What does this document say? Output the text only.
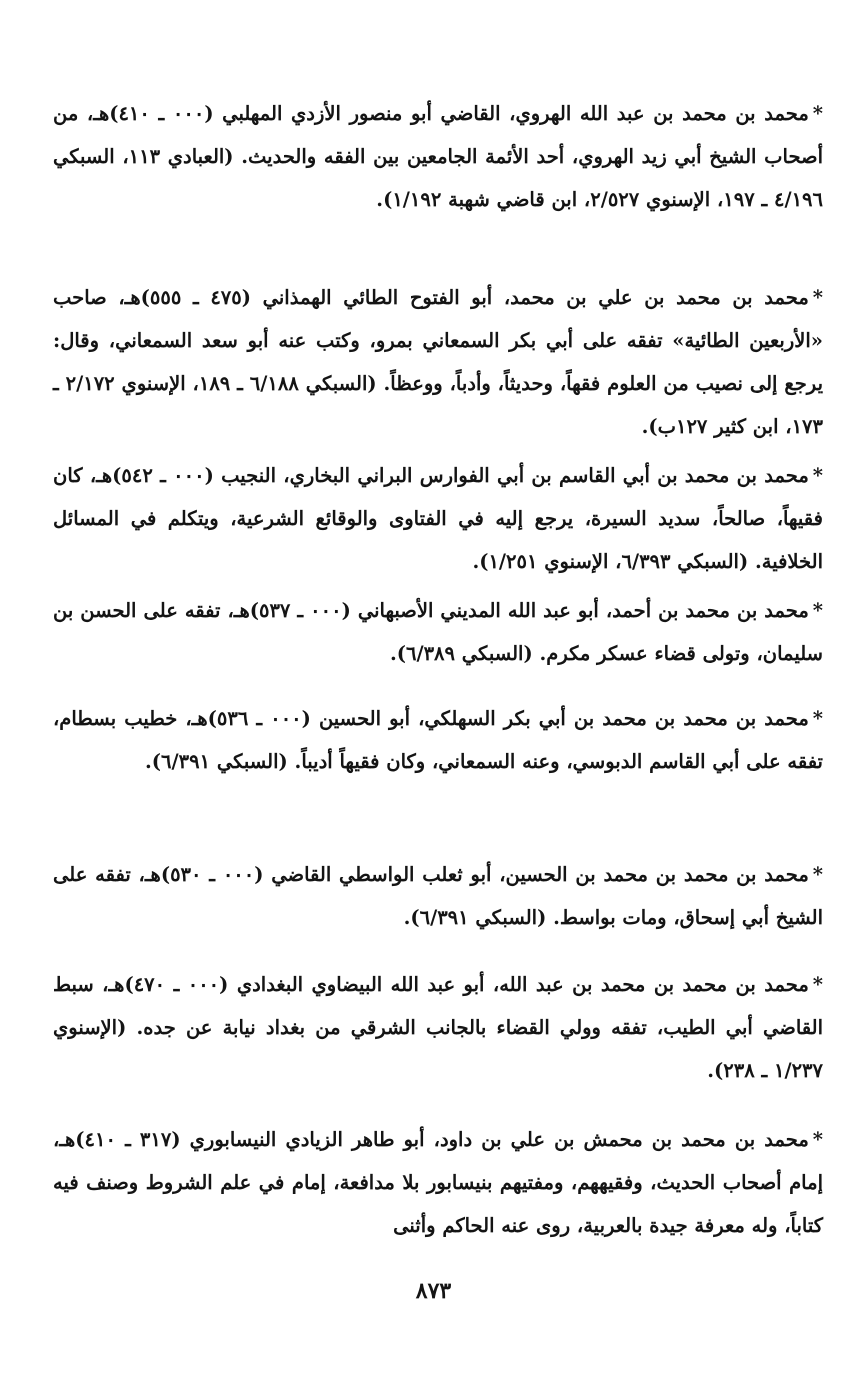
*محمد بن محمد بن عبد الله الهروي، القاضي أبو منصور الأزدي المهلبي (٠٠٠ ـ ٤١٠)هـ، من أصحاب الشيخ أبي زيد الهروي، أحد الأئمة الجامعين بين الفقه والحديث. (العبادي ١١٣، السبكي ٤/١٩٦ ـ ١٩٧، الإسنوي ٢/٥٢٧، ابن قاضي شهبة ١/١٩٢).
*محمد بن محمد بن علي بن محمد، أبو الفتوح الطائي الهمذاني (٤٧٥ ـ ٥٥٥)هـ، صاحب «الأربعين الطائية» تفقه على أبي بكر السمعاني بمرو، وكتب عنه أبو سعد السمعاني، وقال: يرجع إلى نصيب من العلوم فقهاً، وحديثاً، وأدباً، ووعظاً. (السبكي ٦/١٨٨ ـ ١٨٩، الإسنوي ٢/١٧٢ ـ ١٧٣، ابن كثير ١٢٧ب).
*محمد بن محمد بن أبي القاسم بن أبي الفوارس البراني البخاري، النجيب (٠٠٠ ـ ٥٤٢)هـ، كان فقيهاً، صالحاً، سديد السيرة، يرجع إليه في الفتاوى والوقائع الشرعية، ويتكلم في المسائل الخلافية. (السبكي ٦/٣٩٣، الإسنوي ١/٢٥١).
*محمد بن محمد بن أحمد، أبو عبد الله المديني الأصبهاني (٠٠٠ ـ ٥٣٧)هـ، تفقه على الحسن بن سليمان، وتولى قضاء عسكر مكرم. (السبكي ٦/٣٨٩).
*محمد بن محمد بن محمد بن أبي بكر السهلكي، أبو الحسين (٠٠٠ ـ ٥٣٦)هـ، خطيب بسطام، تفقه على أبي القاسم الدبوسي، وعنه السمعاني، وكان فقيهاً أديباً. (السبكي ٦/٣٩١).
*محمد بن محمد بن محمد بن الحسين، أبو ثعلب الواسطي القاضي (٠٠٠ ـ ٥٣٠)هـ، تفقه على الشيخ أبي إسحاق، ومات بواسط. (السبكي ٦/٣٩١).
*محمد بن محمد بن محمد بن عبد الله، أبو عبد الله البيضاوي البغدادي (٠٠٠ ـ ٤٧٠)هـ، سبط القاضي أبي الطيب، تفقه وولي القضاء بالجانب الشرقي من بغداد نيابة عن جده. (الإسنوي ١/٢٣٧ ـ ٢٣٨).
*محمد بن محمد بن محمش بن علي بن داود، أبو طاهر الزيادي النيسابوري (٣١٧ ـ ٤١٠)هـ، إمام أصحاب الحديث، وفقيههم، ومفتيهم بنيسابور بلا مدافعة، إمام في علم الشروط وصنف فيه كتاباً، وله معرفة جيدة بالعربية، روى عنه الحاكم وأثنى
٨٧٣
